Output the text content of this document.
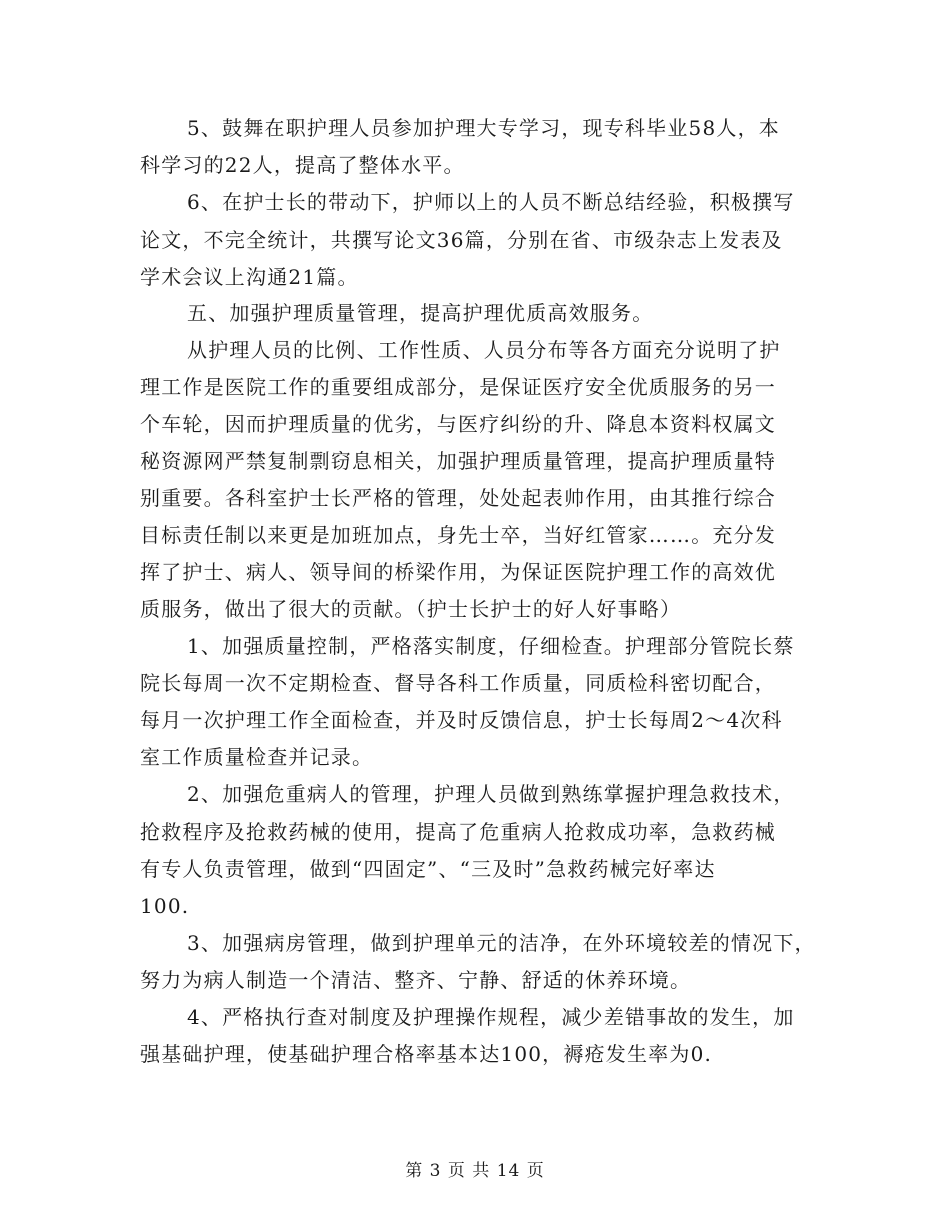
5、鼓舞在职护理人员参加护理大专学习，现专科毕业58人，本
科学习的22人，提高了整体水平。
6、在护士长的带动下，护师以上的人员不断总结经验，积极撰写
论文，不完全统计，共撰写论文36篇，分别在省、市级杂志上发表及
学术会议上沟通21篇。
五、加强护理质量管理，提高护理优质高效服务。
从护理人员的比例、工作性质、人员分布等各方面充分说明了护
理工作是医院工作的重要组成部分，是保证医疗安全优质服务的另一
个车轮，因而护理质量的优劣，与医疗纠纷的升、降息本资料权属文
秘资源网严禁复制剽窃息相关，加强护理质量管理，提高护理质量特
别重要。各科室护士长严格的管理，处处起表帅作用，由其推行综合
目标责任制以来更是加班加点，身先士卒，当好红管家……。充分发
挥了护士、病人、领导间的桥梁作用，为保证医院护理工作的高效优
质服务，做出了很大的贡献。（护士长护士的好人好事略）
1、加强质量控制，严格落实制度，仔细检查。护理部分管院长蔡
院长每周一次不定期检查、督导各科工作质量，同质检科密切配合，
每月一次护理工作全面检查，并及时反馈信息，护士长每周2～4次科
室工作质量检查并记录。
2、加强危重病人的管理，护理人员做到熟练掌握护理急救技术，
抢救程序及抢救药械的使用，提高了危重病人抢救成功率，急救药械
有专人负责管理，做到“四固定”、“三及时”急救药械完好率达
100.
3、加强病房管理，做到护理单元的洁净，在外环境较差的情况下，
努力为病人制造一个清洁、整齐、宁静、舒适的休养环境。
4、严格执行查对制度及护理操作规程，减少差错事故的发生，加
强基础护理，使基础护理合格率基本达100，褥疮发生率为0.
第 3 页 共 14 页
